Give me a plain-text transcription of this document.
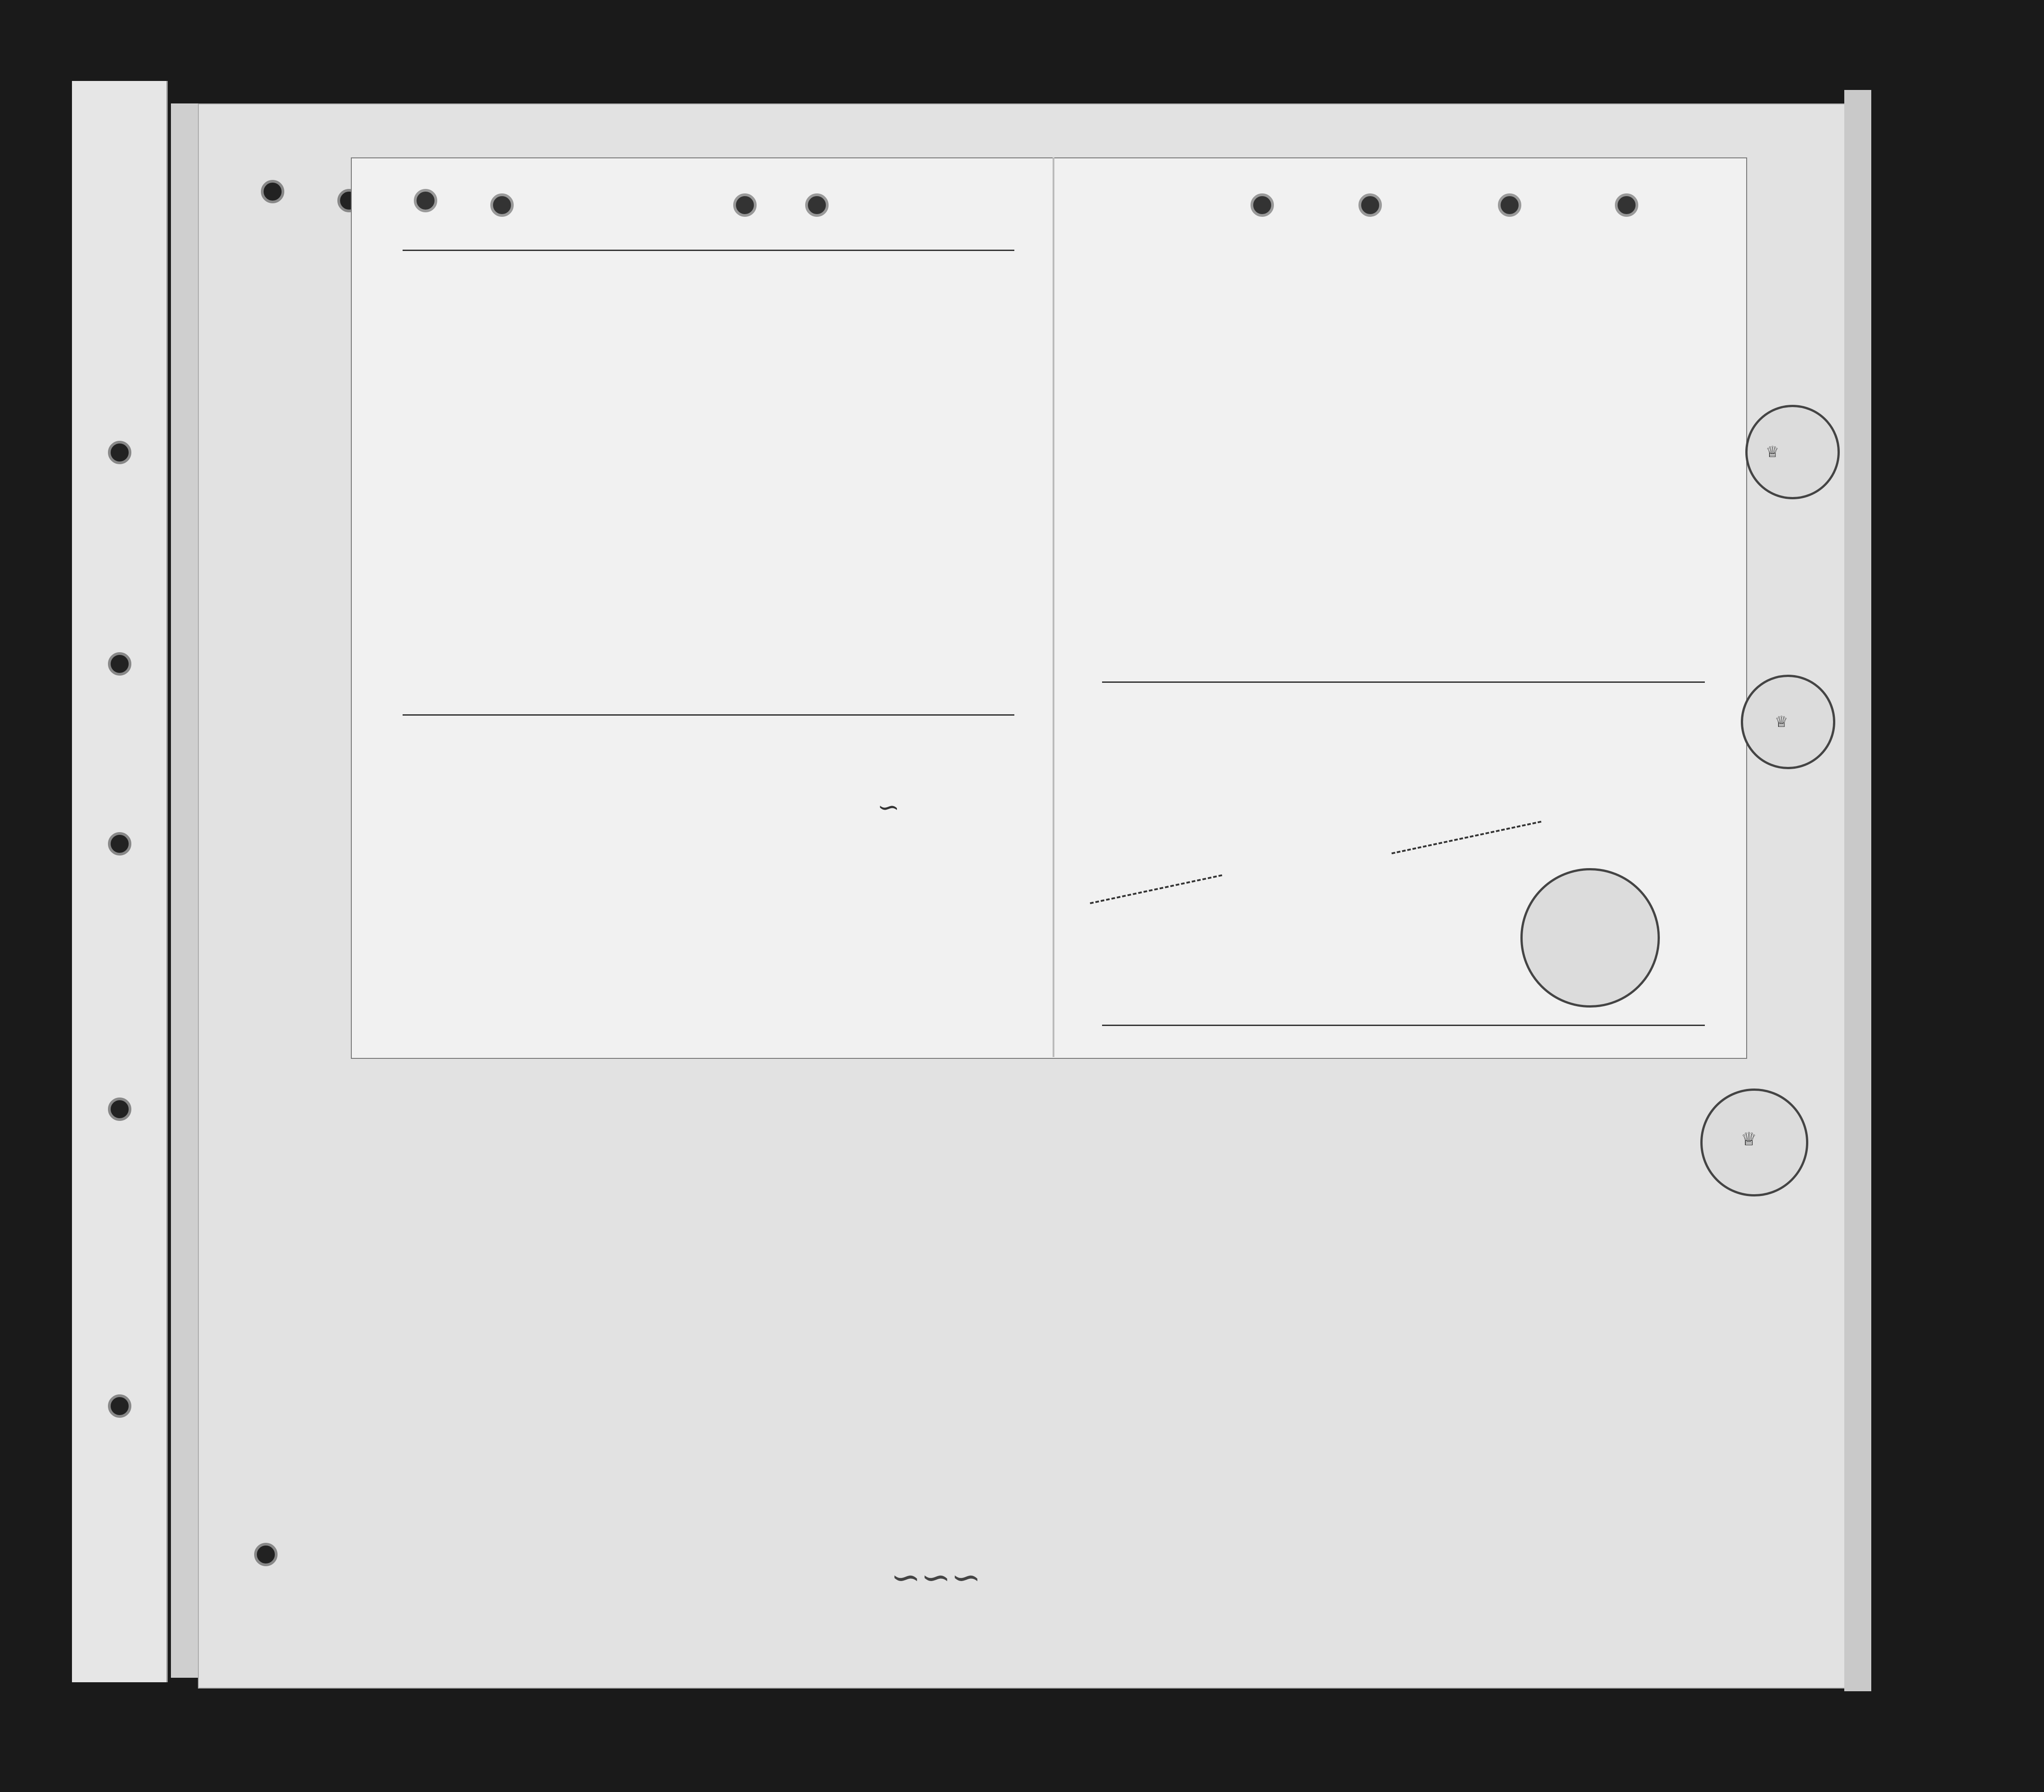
∽
♕
♕
♕
∽∽∽
